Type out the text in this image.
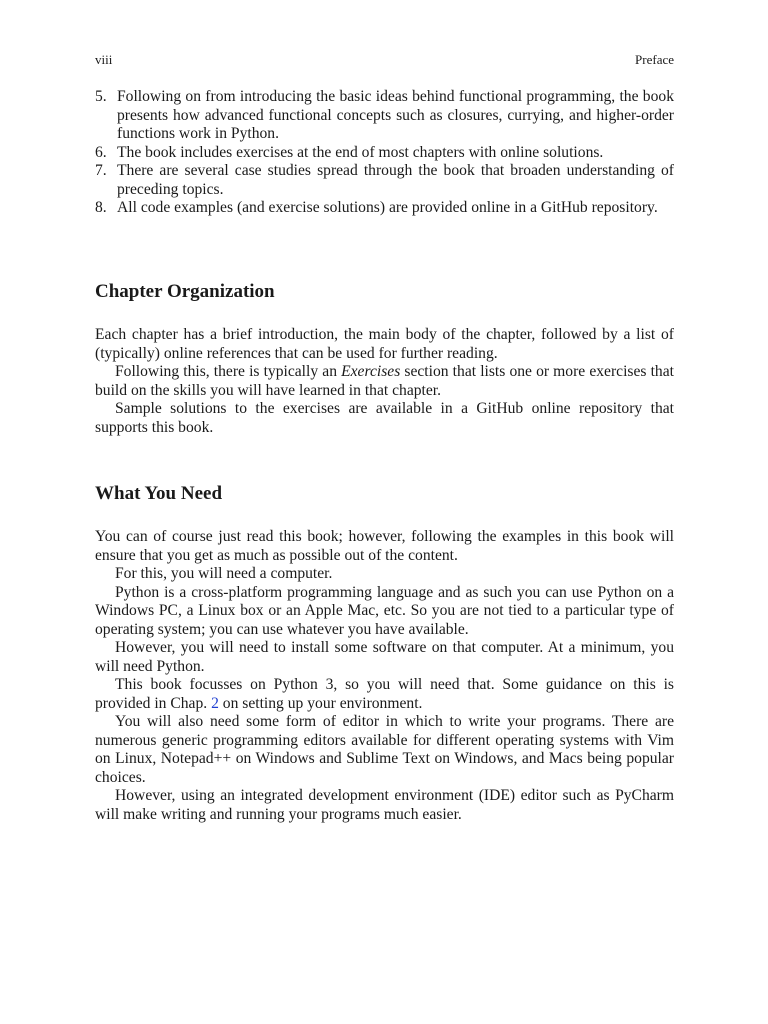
viii	Preface
5. Following on from introducing the basic ideas behind functional programming, the book presents how advanced functional concepts such as closures, currying, and higher-order functions work in Python.
6. The book includes exercises at the end of most chapters with online solutions.
7. There are several case studies spread through the book that broaden understanding of preceding topics.
8. All code examples (and exercise solutions) are provided online in a GitHub repository.
Chapter Organization

Each chapter has a brief introduction, the main body of the chapter, followed by a list of (typically) online references that can be used for further reading.

Following this, there is typically an Exercises section that lists one or more exercises that build on the skills you will have learned in that chapter.

Sample solutions to the exercises are available in a GitHub online repository that supports this book.

What You Need

You can of course just read this book; however, following the examples in this book will ensure that you get as much as possible out of the content.

For this, you will need a computer.

Python is a cross-platform programming language and as such you can use Python on a Windows PC, a Linux box or an Apple Mac, etc. So you are not tied to a particular type of operating system; you can use whatever you have available.

However, you will need to install some software on that computer. At a minimum, you will need Python.

This book focusses on Python 3, so you will need that. Some guidance on this is provided in Chap. 2 on setting up your environment.

You will also need some form of editor in which to write your programs. There are numerous generic programming editors available for different operating systems with Vim on Linux, Notepad++ on Windows and Sublime Text on Windows, and Macs being popular choices.

However, using an integrated development environment (IDE) editor such as PyCharm will make writing and running your programs much easier.
